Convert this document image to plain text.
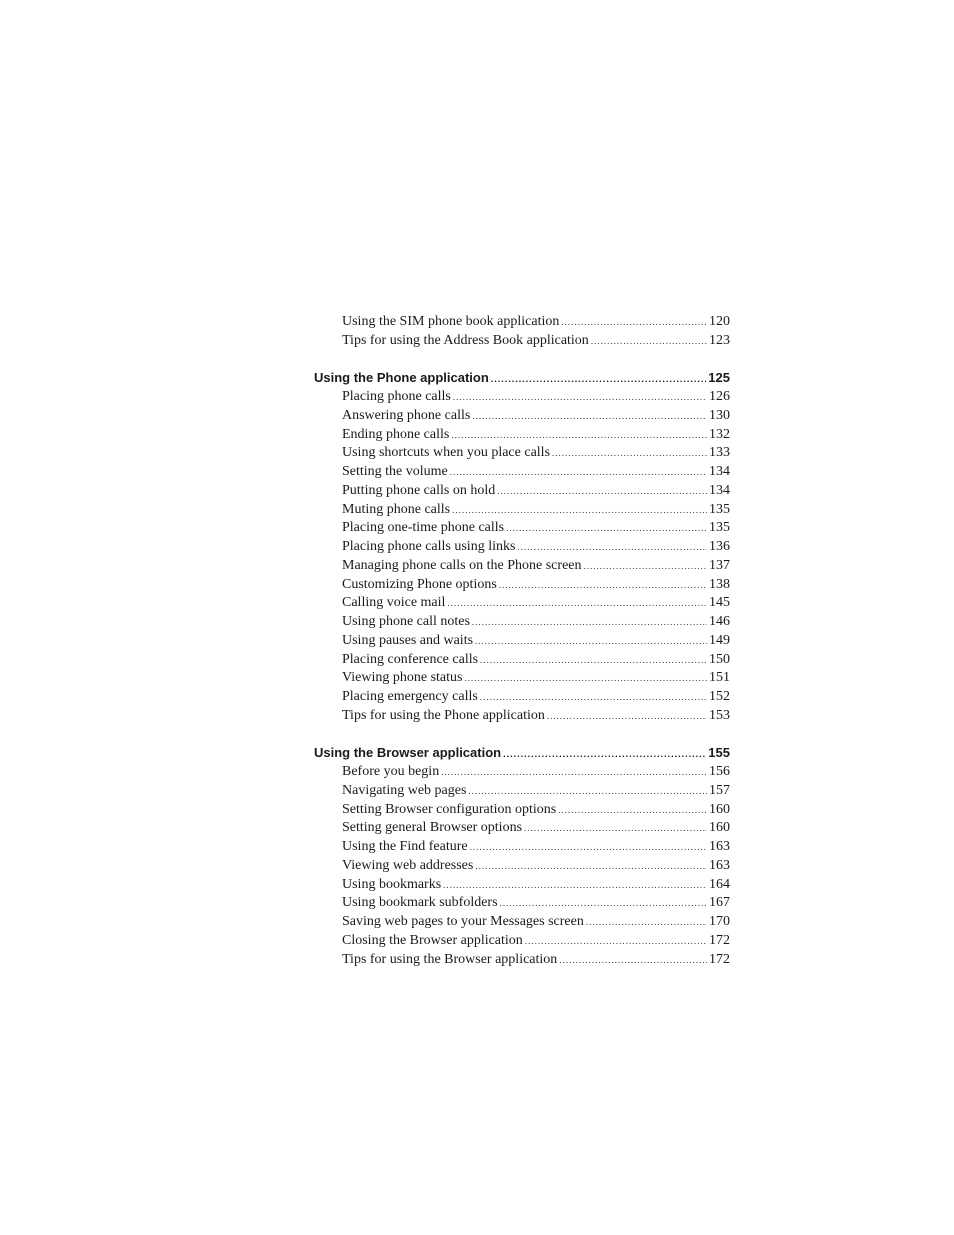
Using the SIM phone book application .....	120
Tips for using the Address Book application .....	123
Using the Phone application .....	125
Placing phone calls .....	126
Answering phone calls .....	130
Ending phone calls .....	132
Using shortcuts when you place calls .....	133
Setting the volume .....	134
Putting phone calls on hold .....	134
Muting phone calls .....	135
Placing one-time phone calls .....	135
Placing phone calls using links .....	136
Managing phone calls on the Phone screen .....	137
Customizing Phone options .....	138
Calling voice mail .....	145
Using phone call notes .....	146
Using pauses and waits .....	149
Placing conference calls .....	150
Viewing phone status .....	151
Placing emergency calls .....	152
Tips for using the Phone application .....	153
Using the Browser application .....	155
Before you begin .....	156
Navigating web pages .....	157
Setting Browser configuration options .....	160
Setting general Browser options .....	160
Using the Find feature .....	163
Viewing web addresses .....	163
Using bookmarks .....	164
Using bookmark subfolders .....	167
Saving web pages to your Messages screen .....	170
Closing the Browser application .....	172
Tips for using the Browser application .....	172
